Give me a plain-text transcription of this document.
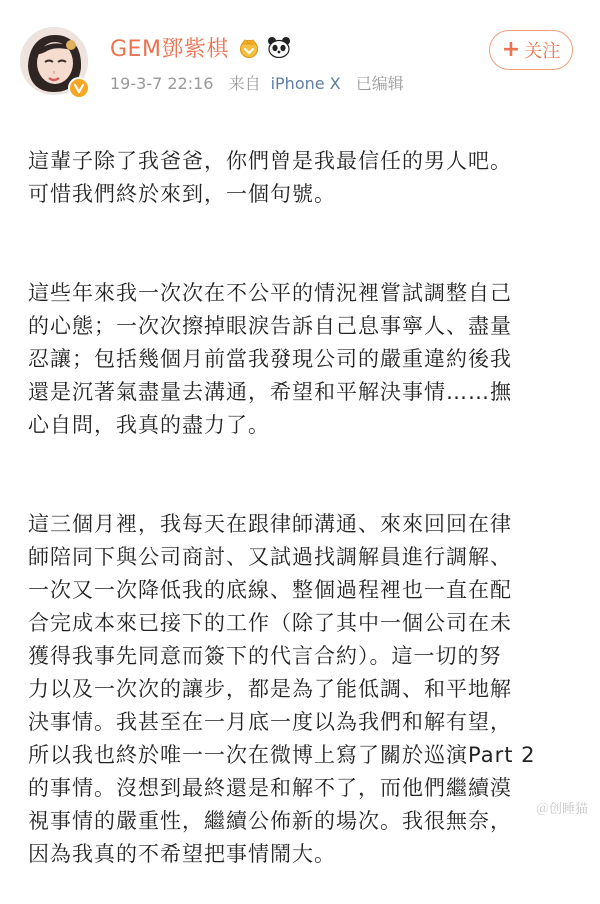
GEM鄧紫棋
19-3-7 22:16 来自 iPhone X 已编辑
+ 关注

這輩子除了我爸爸，你們曾是我最信任的男人吧。
可惜我們終於來到，一個句號。

這些年來我一次次在不公平的情況裡嘗試調整自己
的心態；一次次擦掉眼淚告訴自己息事寧人、盡量
忍讓；包括幾個月前當我發現公司的嚴重違約後我
還是沉著氣盡量去溝通，希望和平解決事情……撫
心自問，我真的盡力了。

這三個月裡，我每天在跟律師溝通、來來回回在律
師陪同下與公司商討、又試過找調解員進行調解、
一次又一次降低我的底線、整個過程裡也一直在配
合完成本來已接下的工作（除了其中一個公司在未
獲得我事先同意而簽下的代言合約）。這一切的努
力以及一次次的讓步，都是為了能低調、和平地解
決事情。我甚至在一月底一度以為我們和解有望，
所以我也終於唯一一次在微博上寫了關於巡演Part 2
的事情。沒想到最終還是和解不了，而他們繼續漠
視事情的嚴重性，繼續公佈新的場次。我很無奈，
因為我真的不希望把事情鬧大。

＠创睡猫
